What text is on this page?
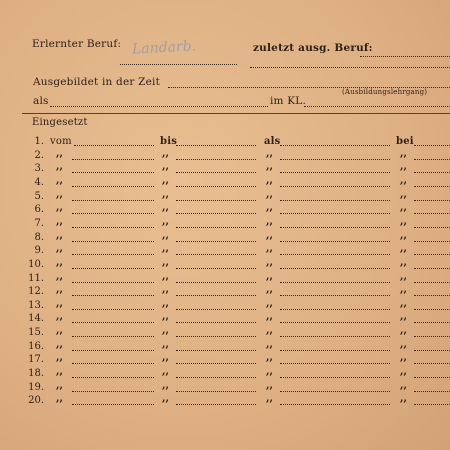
Erlernter Beruf: Landarb.	zuletzt ausg. Beruf:
Ausgebildet in der Zeit
(Ausbildungslehrgang)
als	im KL.
Eingesetzt
1. vom	bis	als	bei
2. ,,	,,	,,	,,
3. ,,	,,	,,	,,
4. ,,	,,	,,	,,
5. ,,	,,	,,	,,
6. ,,	,,	,,	,,
7. ,,	,,	,,	,,
8. ,,	,,	,,	,,
9. ,,	,,	,,	,,
10. ,,	,,	,,	,,
11. ,,	,,	,,	,,
12. ,,	,,	,,	,,
13. ,,	,,	,,	,,
14. ,,	,,	,,	,,
15. ,,	,,	,,	,,
16. ,,	,,	,,	,,
17. ,,	,,	,,	,,
18. ,,	,,	,,	,,
19. ,,	,,	,,	,,
20. ,,	,,	,,	,,
